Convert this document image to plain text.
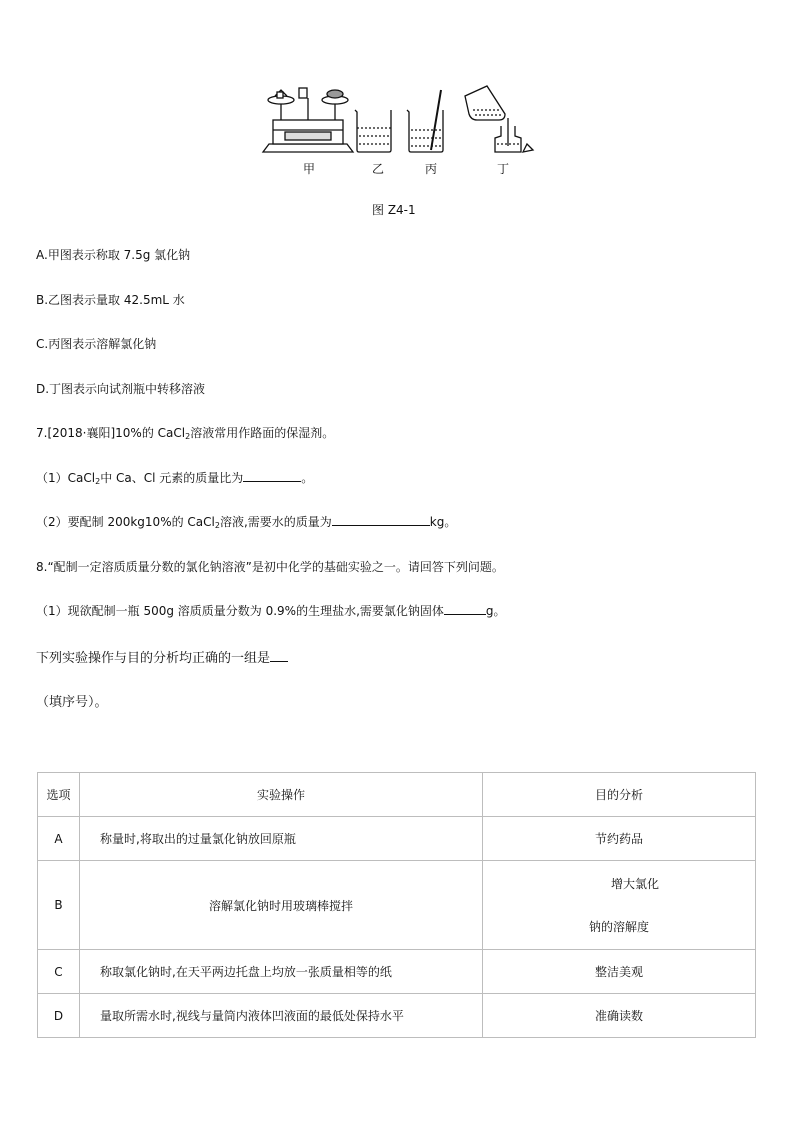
甲	乙	丙	丁
图 Z4-1
A.甲图表示称取 7.5g 氯化钠
B.乙图表示量取 42.5mL 水
C.丙图表示溶解氯化钠
D.丁图表示向试剂瓶中转移溶液
7.[2018·襄阳]10%的 CaCl$_2$溶液常用作路面的保湿剂。
（1）CaCl$_2$中 Ca、Cl 元素的质量比为	。
（2）要配制 200kg10%的 CaCl$_2$溶液,需要水的质量为	kg。
8.“配制一定溶质质量分数的氯化钠溶液”是初中化学的基础实验之一。请回答下列问题。
（1）现欲配制一瓶 500g 溶质质量分数为 0.9%的生理盐水,需要氯化钠固体	g。
下列实验操作与目的分析均正确的一组是
（填序号）。
选项	实验操作	目的分析
A	称量时,将取出的过量氯化钠放回原瓶	节约药品
B	溶解氯化钠时用玻璃棒搅拌	增大氯化
钠的溶解度

C	称取氯化钠时,在天平两边托盘上均放一张质量相等的纸	整洁美观
D	量取所需水时,视线与量筒内液体凹液面的最低处保持水平	准确读数
